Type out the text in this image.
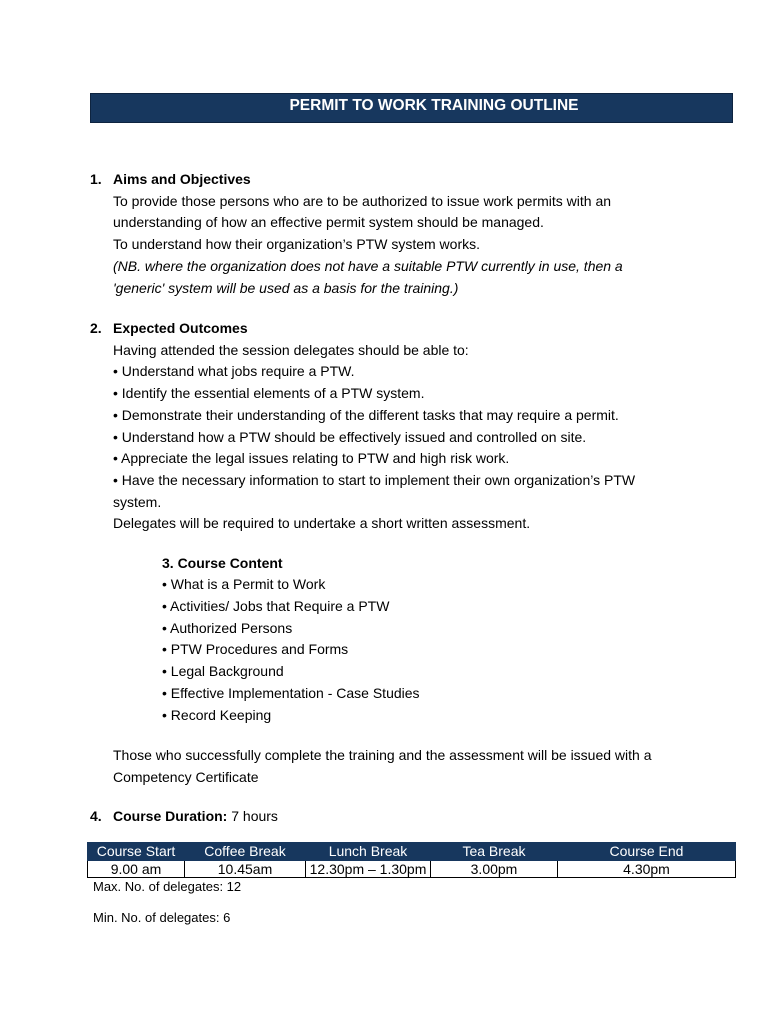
PERMIT TO WORK TRAINING OUTLINE
1. Aims and Objectives
To provide those persons who are to be authorized to issue work permits with an
understanding of how an effective permit system should be managed.
To understand how their organization’s PTW system works.
(NB. where the organization does not have a suitable PTW currently in use, then a
'generic' system will be used as a basis for the training.)
2. Expected Outcomes
Having attended the session delegates should be able to:
• Understand what jobs require a PTW.
• Identify the essential elements of a PTW system.
• Demonstrate their understanding of the different tasks that may require a permit.
• Understand how a PTW should be effectively issued and controlled on site.
• Appreciate the legal issues relating to PTW and high risk work.
• Have the necessary information to start to implement their own organization’s PTW
system.
Delegates will be required to undertake a short written assessment.
3. Course Content
• What is a Permit to Work
• Activities/ Jobs that Require a PTW
• Authorized Persons
• PTW Procedures and Forms
• Legal Background
• Effective Implementation - Case Studies
• Record Keeping
Those who successfully complete the training and the assessment will be issued with a
Competency Certificate
4. Course Duration: 7 hours
Course Start	Coffee Break	Lunch Break	Tea Break	Course End
9.00 am	10.45am	12.30pm – 1.30pm	3.00pm	4.30pm
Max. No. of delegates: 12
Min. No. of delegates: 6
